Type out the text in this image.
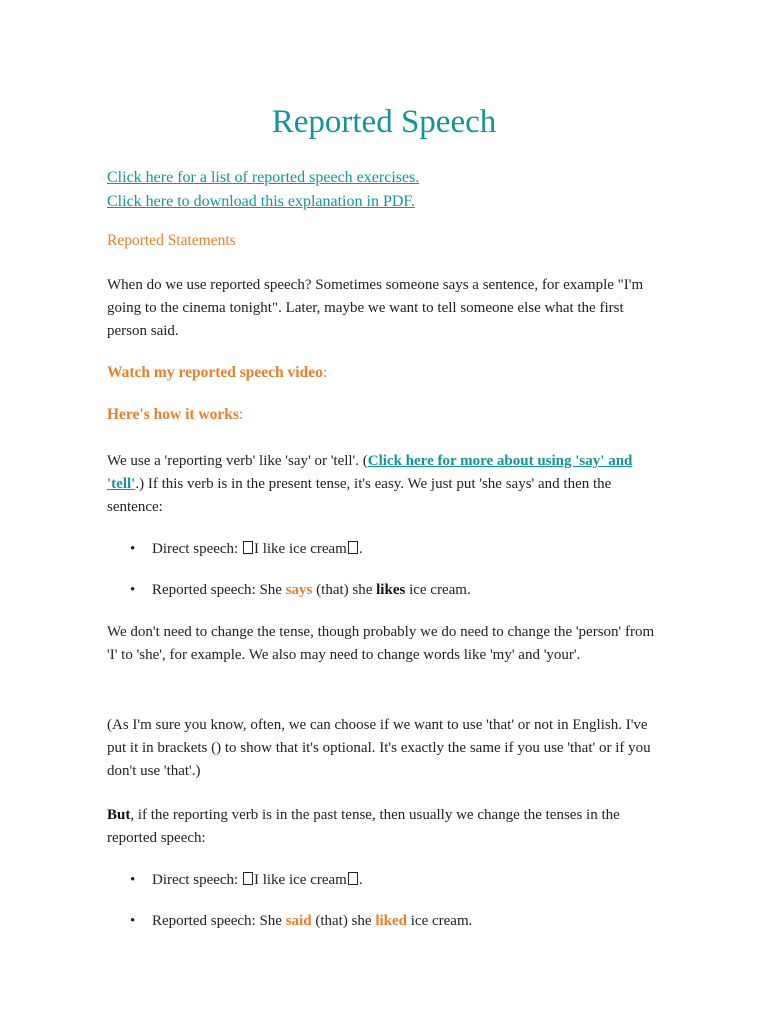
Reported Speech
Click here for a list of reported speech exercises.
Click here to download this explanation in PDF.
Reported Statements
When do we use reported speech? Sometimes someone says a sentence, for example "I'm going to the cinema tonight". Later, maybe we want to tell someone else what the first person said.
Watch my reported speech video:
Here's how it works:
We use a 'reporting verb' like 'say' or 'tell'. (Click here for more about using 'say' and 'tell'.) If this verb is in the present tense, it's easy. We just put 'she says' and then the sentence:
• Direct speech: I like ice cream .
• Reported speech: She says (that) she likes ice cream.
We don't need to change the tense, though probably we do need to change the 'person' from 'I' to 'she', for example. We also may need to change words like 'my' and 'your'.
(As I'm sure you know, often, we can choose if we want to use 'that' or not in English. I've put it in brackets () to show that it's optional. It's exactly the same if you use 'that' or if you don't use 'that'.)
But, if the reporting verb is in the past tense, then usually we change the tenses in the reported speech:
• Direct speech: I like ice cream .
• Reported speech: She said (that) she liked ice cream.
